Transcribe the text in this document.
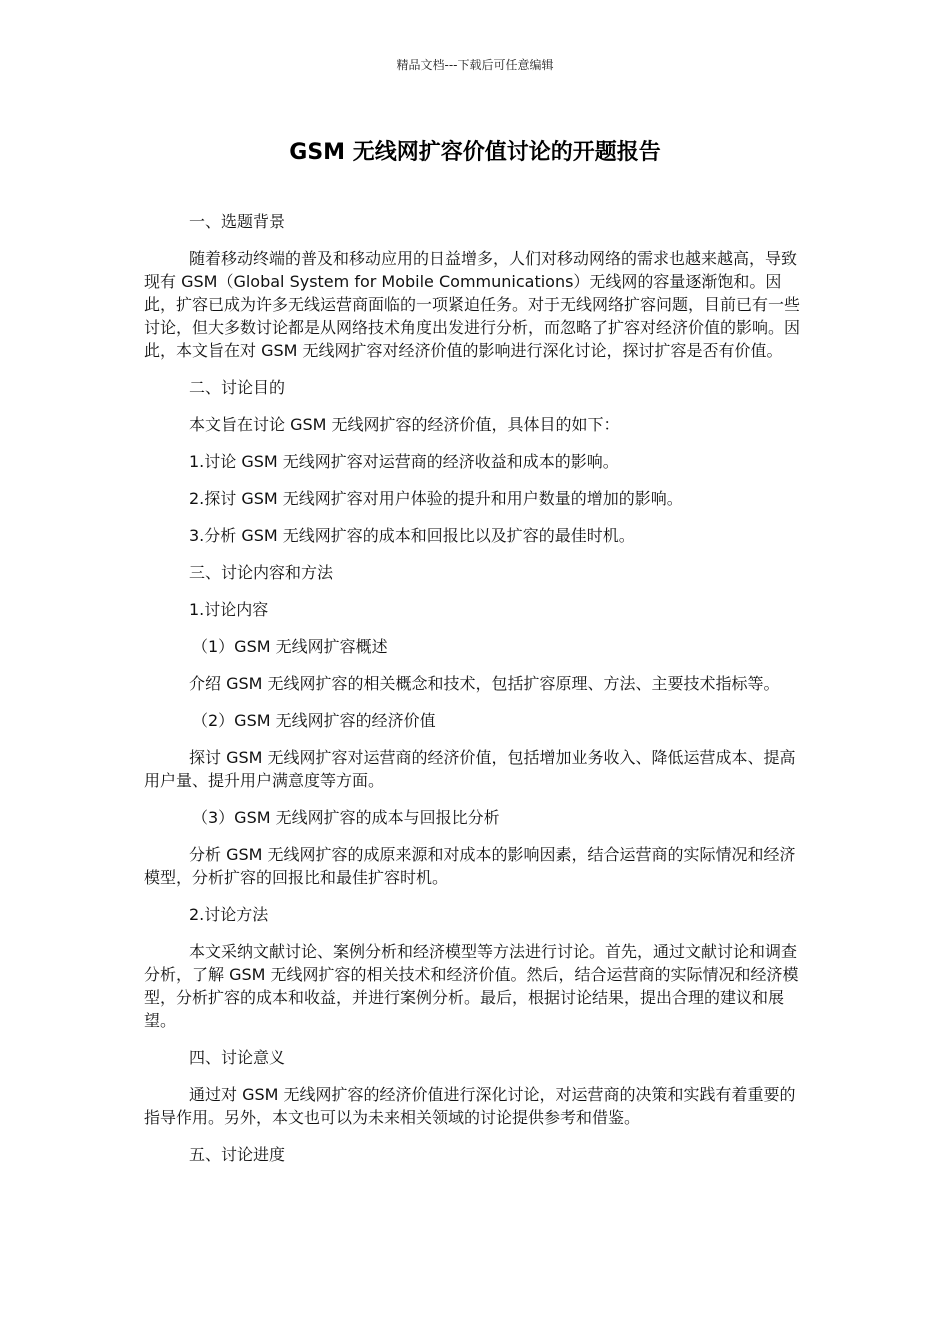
精品文档---下载后可任意编辑
GSM 无线网扩容价值讨论的开题报告

一、选题背景

随着移动终端的普及和移动应用的日益增多，人们对移动网络的需求也越来越高，导致现有 GSM（Global System for Mobile Communications）无线网的容量逐渐饱和。因此，扩容已成为许多无线运营商面临的一项紧迫任务。对于无线网络扩容问题，目前已有一些讨论，但大多数讨论都是从网络技术角度出发进行分析，而忽略了扩容对经济价值的影响。因此，本文旨在对 GSM 无线网扩容对经济价值的影响进行深化讨论，探讨扩容是否有价值。

二、讨论目的

本文旨在讨论 GSM 无线网扩容的经济价值，具体目的如下：

1.讨论 GSM 无线网扩容对运营商的经济收益和成本的影响。

2.探讨 GSM 无线网扩容对用户体验的提升和用户数量的增加的影响。

3.分析 GSM 无线网扩容的成本和回报比以及扩容的最佳时机。

三、讨论内容和方法

1.讨论内容

（1）GSM 无线网扩容概述

介绍 GSM 无线网扩容的相关概念和技术，包括扩容原理、方法、主要技术指标等。

（2）GSM 无线网扩容的经济价值

探讨 GSM 无线网扩容对运营商的经济价值，包括增加业务收入、降低运营成本、提高用户量、提升用户满意度等方面。

（3）GSM 无线网扩容的成本与回报比分析

分析 GSM 无线网扩容的成原来源和对成本的影响因素，结合运营商的实际情况和经济模型，分析扩容的回报比和最佳扩容时机。

2.讨论方法

本文采纳文献讨论、案例分析和经济模型等方法进行讨论。首先，通过文献讨论和调查分析，了解 GSM 无线网扩容的相关技术和经济价值。然后，结合运营商的实际情况和经济模型，分析扩容的成本和收益，并进行案例分析。最后，根据讨论结果，提出合理的建议和展望。

四、讨论意义

通过对 GSM 无线网扩容的经济价值进行深化讨论，对运营商的决策和实践有着重要的指导作用。另外，本文也可以为未来相关领域的讨论提供参考和借鉴。

五、讨论进度
